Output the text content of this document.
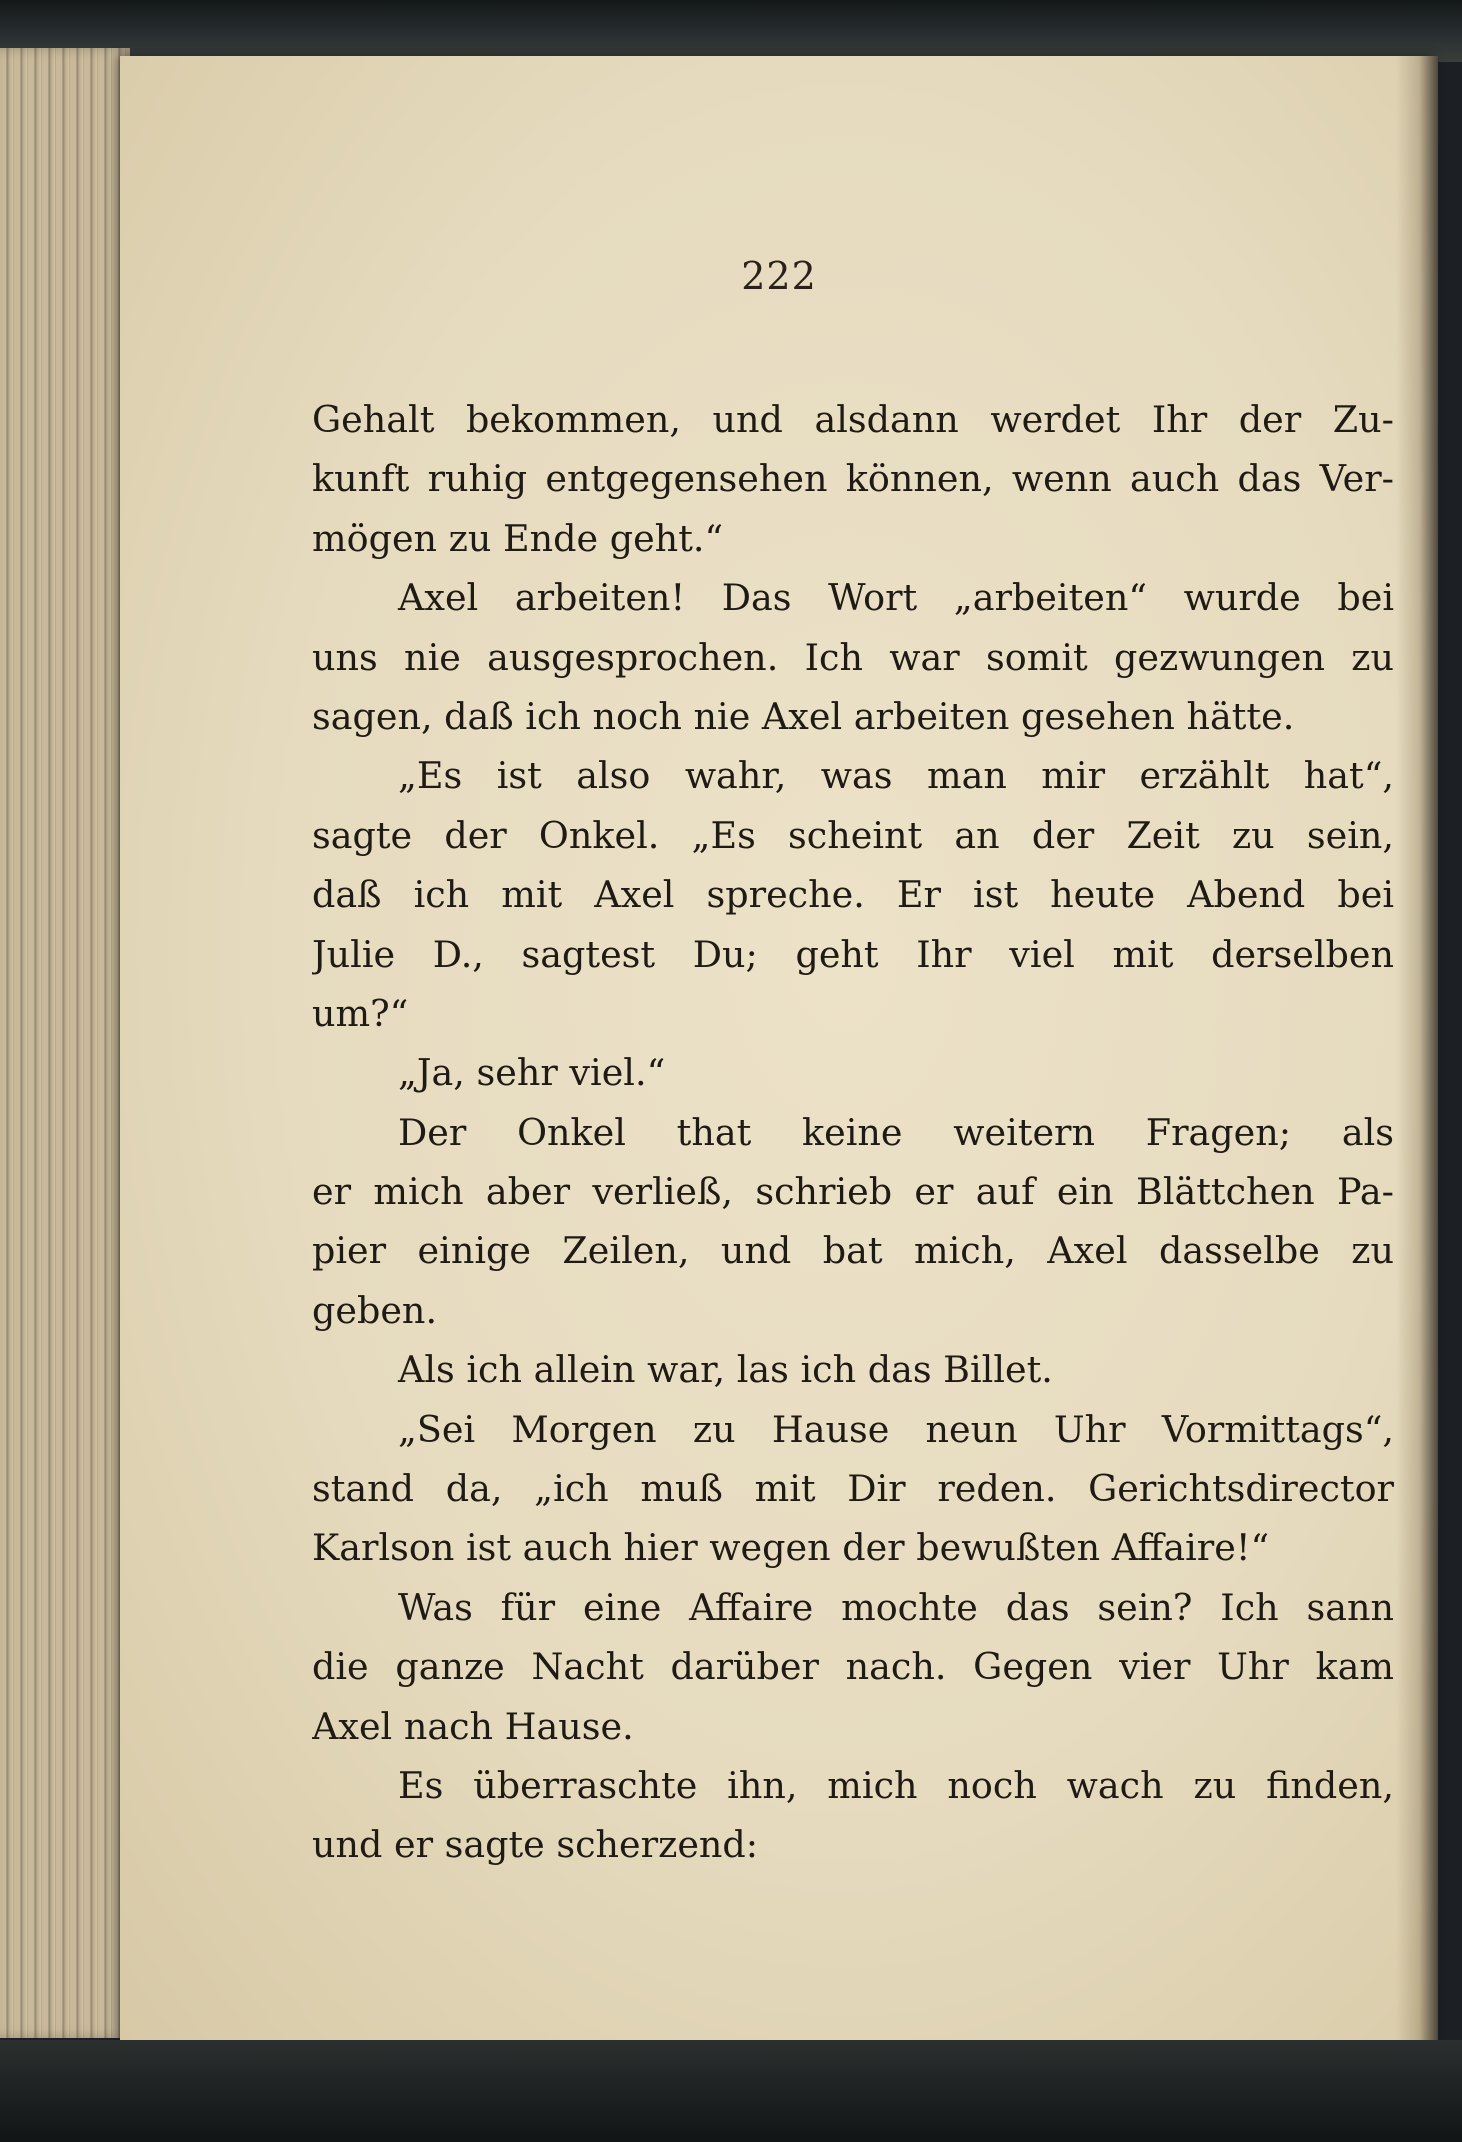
222
Gehalt bekommen, und alsdann werdet Ihr der Zu-
kunft ruhig entgegensehen können, wenn auch das Ver-
mögen zu Ende geht.“
Axel arbeiten! Das Wort „arbeiten“ wurde bei
uns nie ausgesprochen. Ich war somit gezwungen zu
sagen, daß ich noch nie Axel arbeiten gesehen hätte.
„Es ist also wahr, was man mir erzählt hat“,
sagte der Onkel. „Es scheint an der Zeit zu sein,
daß ich mit Axel spreche. Er ist heute Abend bei
Julie D., sagtest Du; geht Ihr viel mit derselben
um?“
„Ja, sehr viel.“
Der Onkel that keine weitern Fragen; als
er mich aber verließ, schrieb er auf ein Blättchen Pa-
pier einige Zeilen, und bat mich, Axel dasselbe zu
geben.
Als ich allein war, las ich das Billet.
„Sei Morgen zu Hause neun Uhr Vormittags“,
stand da, „ich muß mit Dir reden. Gerichtsdirector
Karlson ist auch hier wegen der bewußten Affaire!“
Was für eine Affaire mochte das sein? Ich sann
die ganze Nacht darüber nach. Gegen vier Uhr kam
Axel nach Hause.
Es überraschte ihn, mich noch wach zu finden,
und er sagte scherzend:
